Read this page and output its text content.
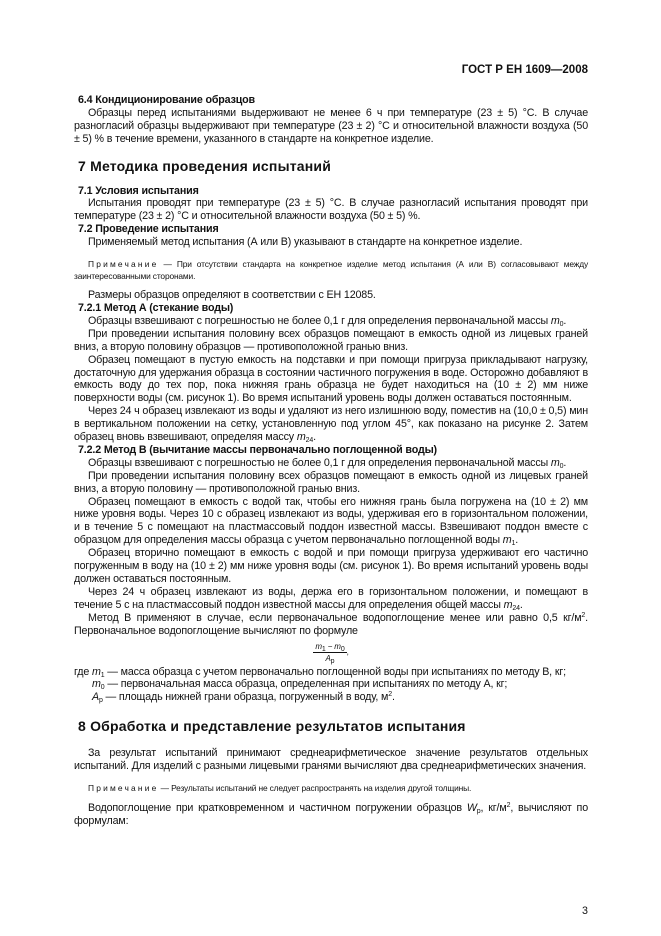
ГОСТ Р ЕН 1609—2008
6.4 Кондиционирование образцов

Образцы перед испытаниями выдерживают не менее 6 ч при температуре (23 ± 5) °С. В случае разногласий образцы выдерживают при температуре (23 ± 2) °С и относительной влажности воздуха (50 ± 5) % в течение времени, указанного в стандарте на конкретное изделие.

7 Методика проведения испытаний
7.1 Условия испытания

Испытания проводят при температуре (23 ± 5) °С. В случае разногласий испытания проводят при температуре (23 ± 2) °С и относительной влажности воздуха (50 ± 5) %.

7.2 Проведение испытания

Применяемый метод испытания (А или В) указывают в стандарте на конкретное изделие.

Примечание — При отсутствии стандарта на конкретное изделие метод испытания (А или В) согласовывают между заинтересованными сторонами.

Размеры образцов определяют в соответствии с ЕН 12085.

7.2.1 Метод А (стекание воды)

Образцы взвешивают с погрешностью не более 0,1 г для определения первоначальной массы $m_0$.

При проведении испытания половину всех образцов помещают в емкость одной из лицевых граней вниз, а вторую половину образцов — противоположной гранью вниз.

Образец помещают в пустую емкость на подставки и при помощи пригруза прикладывают нагрузку, достаточную для удержания образца в состоянии частичного погружения в воде. Осторожно добавляют в емкость воду до тех пор, пока нижняя грань образца не будет находиться на (10 ± 2) мм ниже поверхности воды (см. рисунок 1). Во время испытаний уровень воды должен оставаться постоянным.

Через 24 ч образец извлекают из воды и удаляют из него излишнюю воду, поместив на (10,0 ± 0,5) мин в вертикальном положении на сетку, установленную под углом 45°, как показано на рисунке 2. Затем образец вновь взвешивают, определяя массу $m_{24}$.

7.2.2 Метод В (вычитание массы первоначально поглощенной воды)

Образцы взвешивают с погрешностью не более 0,1 г для определения первоначальной массы $m_0$.

При проведении испытания половину всех образцов помещают в емкость одной из лицевых граней вниз, а вторую половину — противоположной гранью вниз.

Образец помещают в емкость с водой так, чтобы его нижняя грань была погружена на (10 ± 2) мм ниже уровня воды. Через 10 с образец извлекают из воды, удерживая его в горизонтальном положении, и в течение 5 с помещают на пластмассовый поддон известной массы. Взвешивают поддон вместе с образцом для определения массы образца с учетом первоначально поглощенной воды $m_1$.

Образец вторично помещают в емкость с водой и при помощи пригруза удерживают его частично погруженным в воду на (10 ± 2) мм ниже уровня воды (см. рисунок 1). Во время испытаний уровень воды должен оставаться постоянным.

Через 24 ч образец извлекают из воды, держа его в горизонтальном положении, и помещают в течение 5 с на пластмассовый поддон известной массы для определения общей массы $m_{24}$.

Метод В применяют в случае, если первоначальное водопоглощение менее или равно 0,5 $кг/м^2$. Первоначальное водопоглощение вычисляют по формуле

$\frac{m_1 - m_0}{A_p}$,
где $m_1$ — масса образца с учетом первоначально поглощенной воды при испытаниях по методу В, кг;
$m_0$ — первоначальная масса образца, определенная при испытаниях по методу А, кг;
$A_p$ — площадь нижней грани образца, погруженный в воду, $м^2$.
8 Обработка и представление результатов испытания

За результат испытаний принимают среднеарифметическое значение результатов отдельных испытаний. Для изделий с разными лицевыми гранями вычисляют два среднеарифметических значения.

Примечание — Результаты испытаний не следует распространять на изделия другой толщины.

Водопоглощение при кратковременном и частичном погружении образцов $W_p$, $кг/м^2$, вычисляют по формулам:

3
